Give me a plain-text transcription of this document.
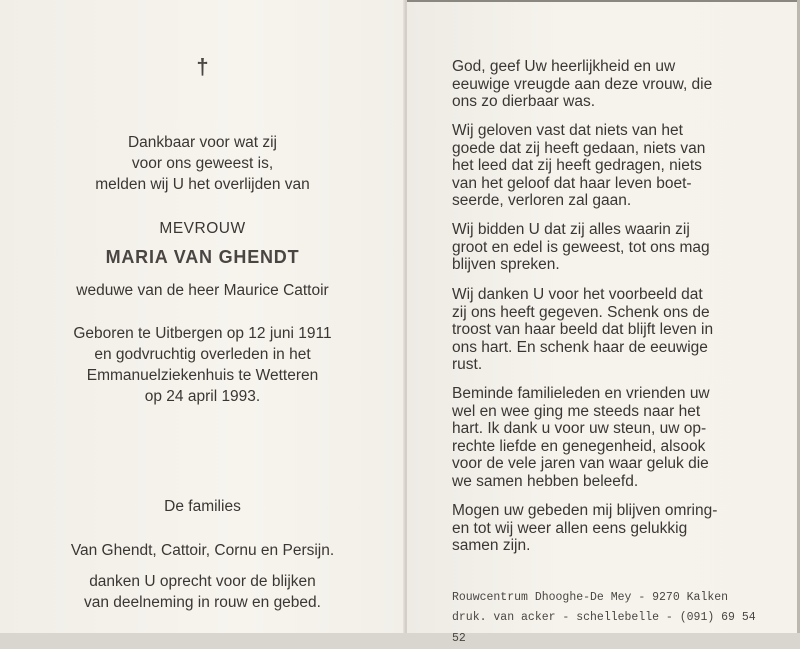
†
Dankbaar voor wat zij
voor ons geweest is,
melden wij U het overlijden van
MEVROUW
MARIA VAN GHENDT
weduwe van de heer Maurice Cattoir
Geboren te Uitbergen op 12 juni 1911
en godvruchtig overleden in het
Emmanuelziekenhuis te Wetteren
op 24 april 1993.
De families
Van Ghendt, Cattoir, Cornu en Persijn.
danken U oprecht voor de blijken
van deelneming in rouw en gebed.
God, geef Uw heerlijkheid en uw
eeuwige vreugde aan deze vrouw, die
ons zo dierbaar was.
Wij geloven vast dat niets van het
goede dat zij heeft gedaan, niets van
het leed dat zij heeft gedragen, niets
van het geloof dat haar leven boet-
seerde, verloren zal gaan.
Wij bidden U dat zij alles waarin zij
groot en edel is geweest, tot ons mag
blijven spreken.
Wij danken U voor het voorbeeld dat
zij ons heeft gegeven. Schenk ons de
troost van haar beeld dat blijft leven in
ons hart. En schenk haar de eeuwige
rust.
Beminde familieleden en vrienden uw
wel en wee ging me steeds naar het
hart. Ik dank u voor uw steun, uw op-
rechte liefde en genegenheid, alsook
voor de vele jaren van waar geluk die
we samen hebben beleefd.
Mogen uw gebeden mij blijven omring-
en tot wij weer allen eens gelukkig
samen zijn.
Rouwcentrum Dhooghe-De Mey - 9270 Kalken
druk. van acker - schellebelle - (091) 69 54 52
